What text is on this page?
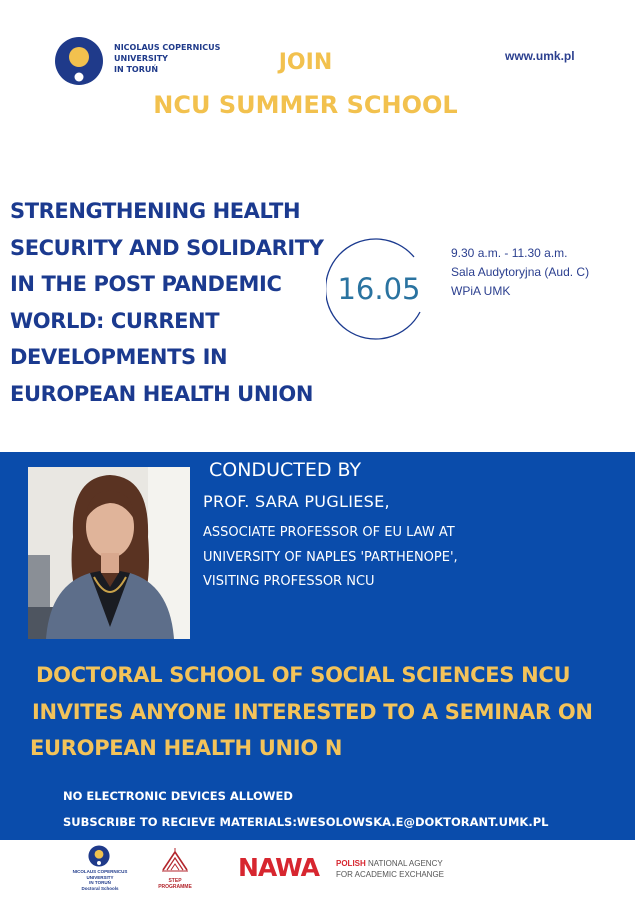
NICOLAUS COPERNICUS
UNIVERSITY
IN TORUŃ	JOIN
NCU SUMMER SCHOOL
www.umk.pl
STRENGTHENING HEALTH
SECURITY AND SOLIDARITY
IN THE POST PANDEMIC
WORLD: CURRENT
DEVELOPMENTS IN
EUROPEAN HEALTH UNION
16.05
9.30 a.m. - 11.30 a.m.
Sala Audytoryjna (Aud. C)
WPiA UMK
CONDUCTED BY
PROF. SARA PUGLIESE,
ASSOCIATE PROFESSOR OF EU LAW AT
UNIVERSITY OF NAPLES 'PARTHENOPE',
VISITING PROFESSOR NCU
DOCTORAL SCHOOL OF SOCIAL SCIENCES NCU
INVITES ANYONE INTERESTED TO A SEMINAR ON
EUROPEAN HEALTH UNIO N
NO ELECTRONIC DEVICES ALLOWED
SUBSCRIBE TO RECIEVE MATERIALS:WESOLOWSKA.E@DOKTORANT.UMK.PL
NICOLAUS COPERNICUS
UNIVERSITY
IN TORUŃ
Doctoral Schools
STEP
PROGRAMME
NAWA POLISH NATIONAL AGENCY
FOR ACADEMIC EXCHANGE
